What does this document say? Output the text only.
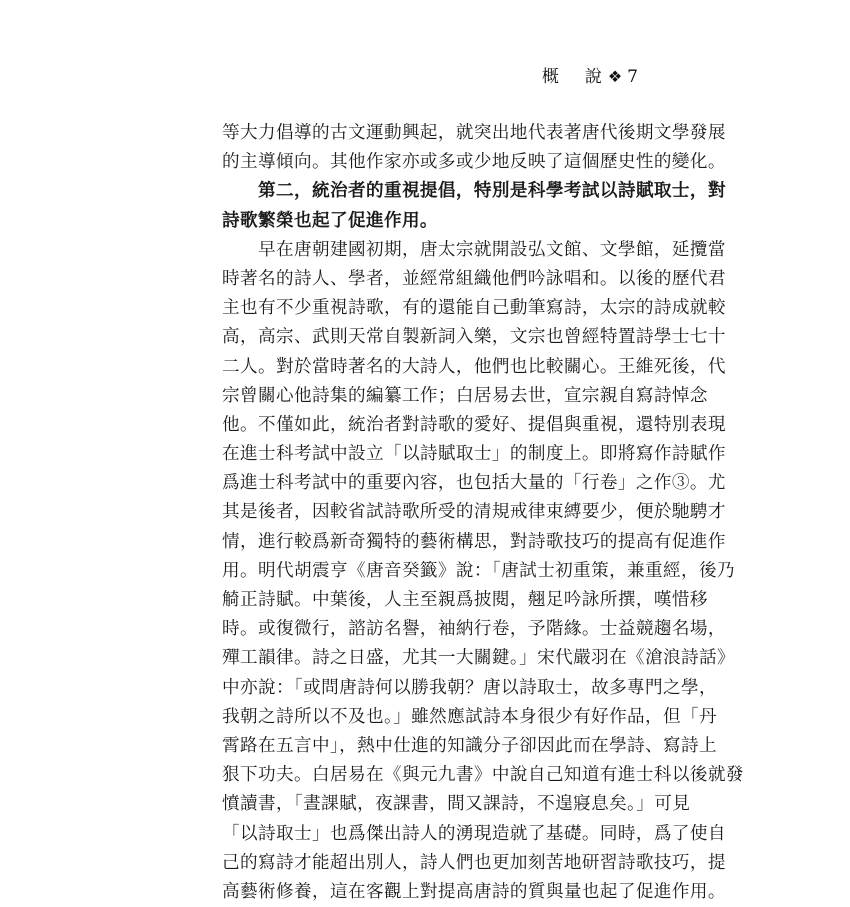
概 說 ❖ 7
等大力倡導的古文運動興起，就突出地代表著唐代後期文學發展
的主導傾向。其他作家亦或多或少地反映了這個歷史性的變化。
　　第二，統治者的重視提倡，特別是科學考試以詩賦取士，對
詩歌繁榮也起了促進作用。
　　早在唐朝建國初期，唐太宗就開設弘文館、文學館，延攬當
時著名的詩人、學者，並經常組織他們吟詠唱和。以後的歷代君
主也有不少重視詩歌，有的還能自己動筆寫詩，太宗的詩成就較
高，高宗、武則天常自製新詞入樂，文宗也曾經特置詩學士七十
二人。對於當時著名的大詩人，他們也比較關心。王維死後，代
宗曾關心他詩集的編纂工作；白居易去世，宣宗親自寫詩悼念
他。不僅如此，統治者對詩歌的愛好、提倡與重視，還特別表現
在進士科考試中設立「以詩賦取士」的制度上。即將寫作詩賦作
爲進士科考試中的重要內容，也包括大量的「行卷」之作③。尤
其是後者，因較省試詩歌所受的清規戒律束縛要少，便於馳騁才
情，進行較爲新奇獨特的藝術構思，對詩歌技巧的提高有促進作
用。明代胡震亨《唐音癸籤》說：「唐試士初重策，兼重經，後乃
觭正詩賦。中葉後，人主至親爲披閱，翹足吟詠所撰，嘆惜移
時。或復微行，諮訪名譽，袖納行卷，予階緣。士益競趨名場，
殫工韻律。詩之日盛，尤其一大關鍵。」宋代嚴羽在《滄浪詩話》
中亦說：「或問唐詩何以勝我朝？唐以詩取士，故多專門之學，
我朝之詩所以不及也。」雖然應試詩本身很少有好作品，但「丹
霄路在五言中」，熱中仕進的知識分子卻因此而在學詩、寫詩上
狠下功夫。白居易在《與元九書》中說自己知道有進士科以後就發
憤讀書，「晝課賦，夜課書，間又課詩，不遑寢息矣。」可見
「以詩取士」也爲傑出詩人的湧現造就了基礎。同時，爲了使自
己的寫詩才能超出別人，詩人們也更加刻苦地研習詩歌技巧，提
高藝術修養，這在客觀上對提高唐詩的質與量也起了促進作用。
